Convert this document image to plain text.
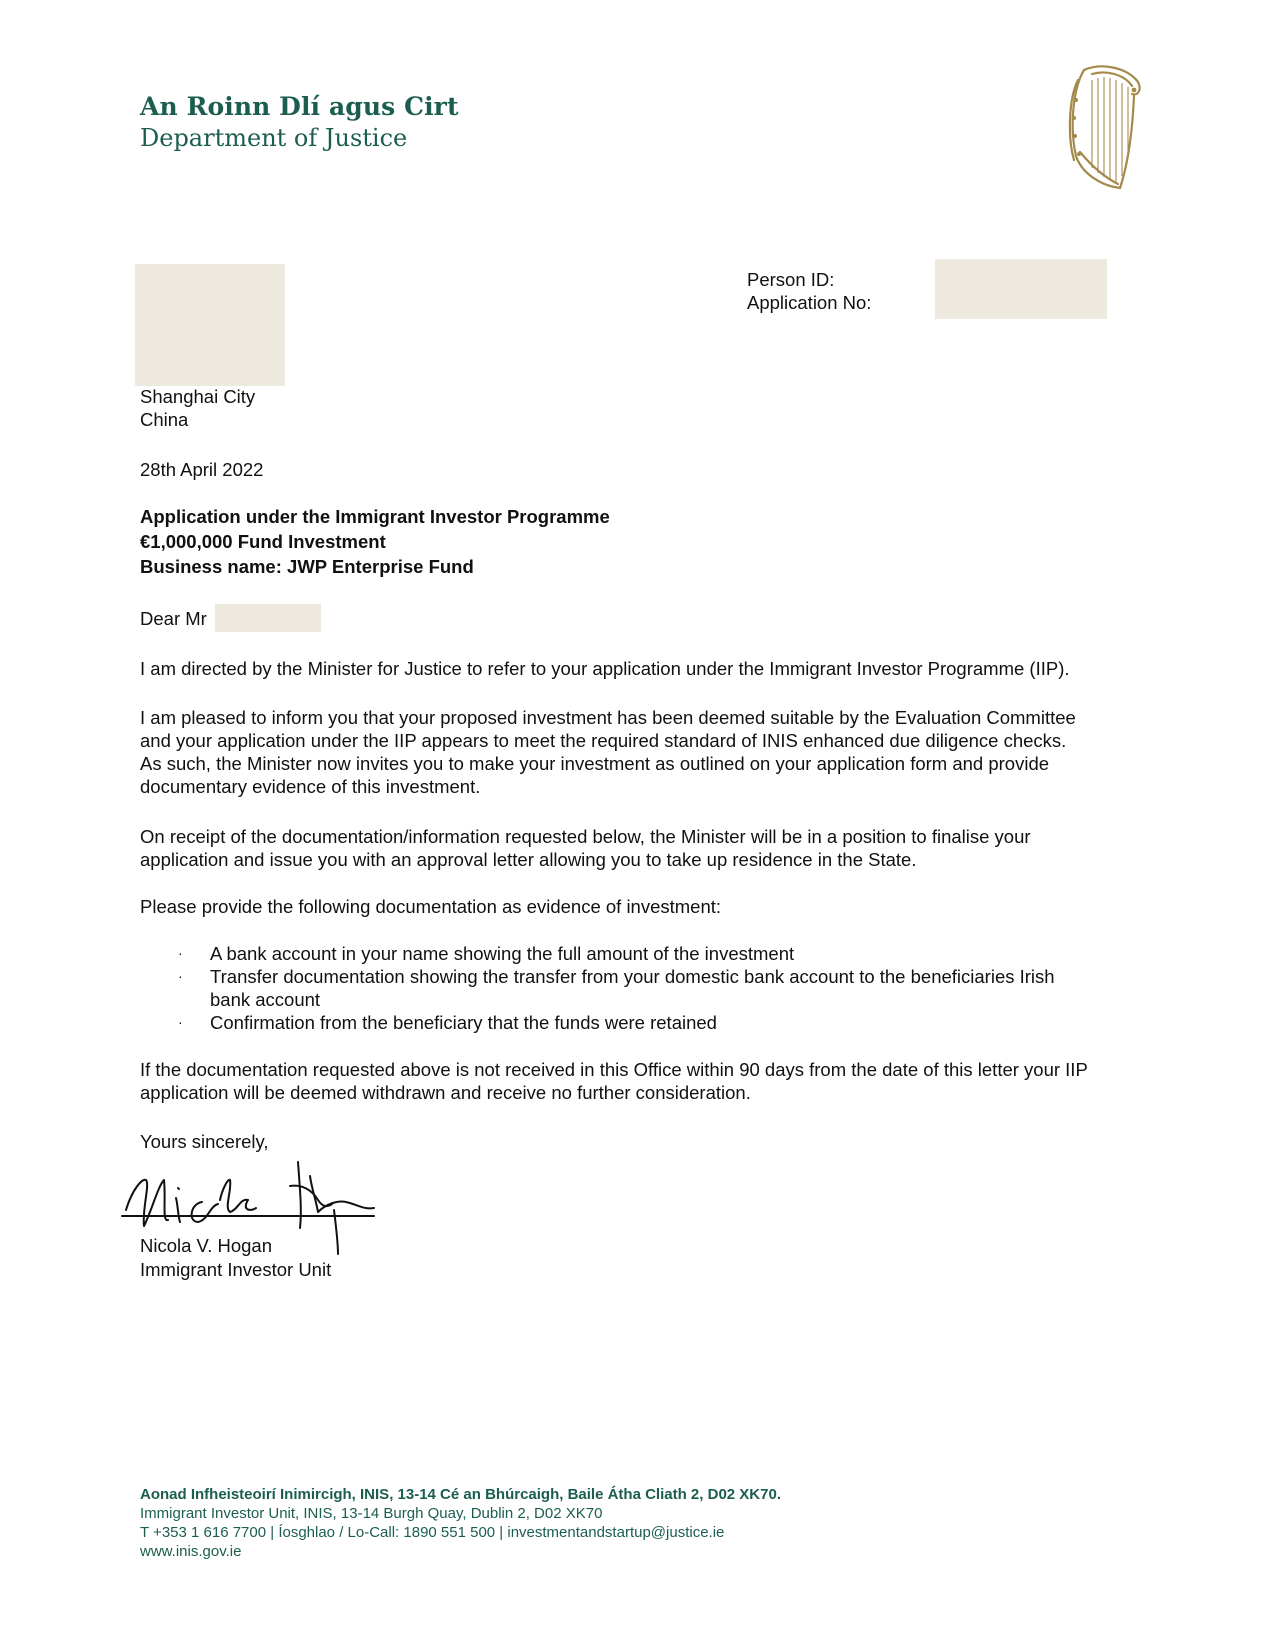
An Roinn Dlí agus Cirt
Department of Justice
Person ID:
Application No:
Shanghai City
China
28th April 2022
Application under the Immigrant Investor Programme
€1,000,000 Fund Investment
Business name: JWP Enterprise Fund
Dear Mr

I am directed by the Minister for Justice to refer to your application under the Immigrant Investor Programme (IIP).

I am pleased to inform you that your proposed investment has been deemed suitable by the Evaluation Committee

and your application under the IIP appears to meet the required standard of INIS enhanced due diligence checks.

As such, the Minister now invites you to make your investment as outlined on your application form and provide

documentary evidence of this investment.

On receipt of the documentation/information requested below, the Minister will be in a position to finalise your

application and issue you with an approval letter allowing you to take up residence in the State.

Please provide the following documentation as evidence of investment:

· A bank account in your name showing the full amount of the investment
· Transfer documentation showing the transfer from your domestic bank account to the beneficiaries Irish
bank account
· Confirmation from the beneficiary that the funds were retained

If the documentation requested above is not received in this Office within 90 days from the date of this letter your IIP

application will be deemed withdrawn and receive no further consideration.

Yours sincerely,
Nicola V. Hogan
Immigrant Investor Unit
Aonad Infheisteoirí Inimircigh, INIS, 13-14 Cé an Bhúrcaigh, Baile Átha Cliath 2, D02 XK70.
Immigrant Investor Unit, INIS, 13-14 Burgh Quay, Dublin 2, D02 XK70
T +353 1 616 7700 | Íosghlao / Lo-Call: 1890 551 500 | investmentandstartup@justice.ie
www.inis.gov.ie
